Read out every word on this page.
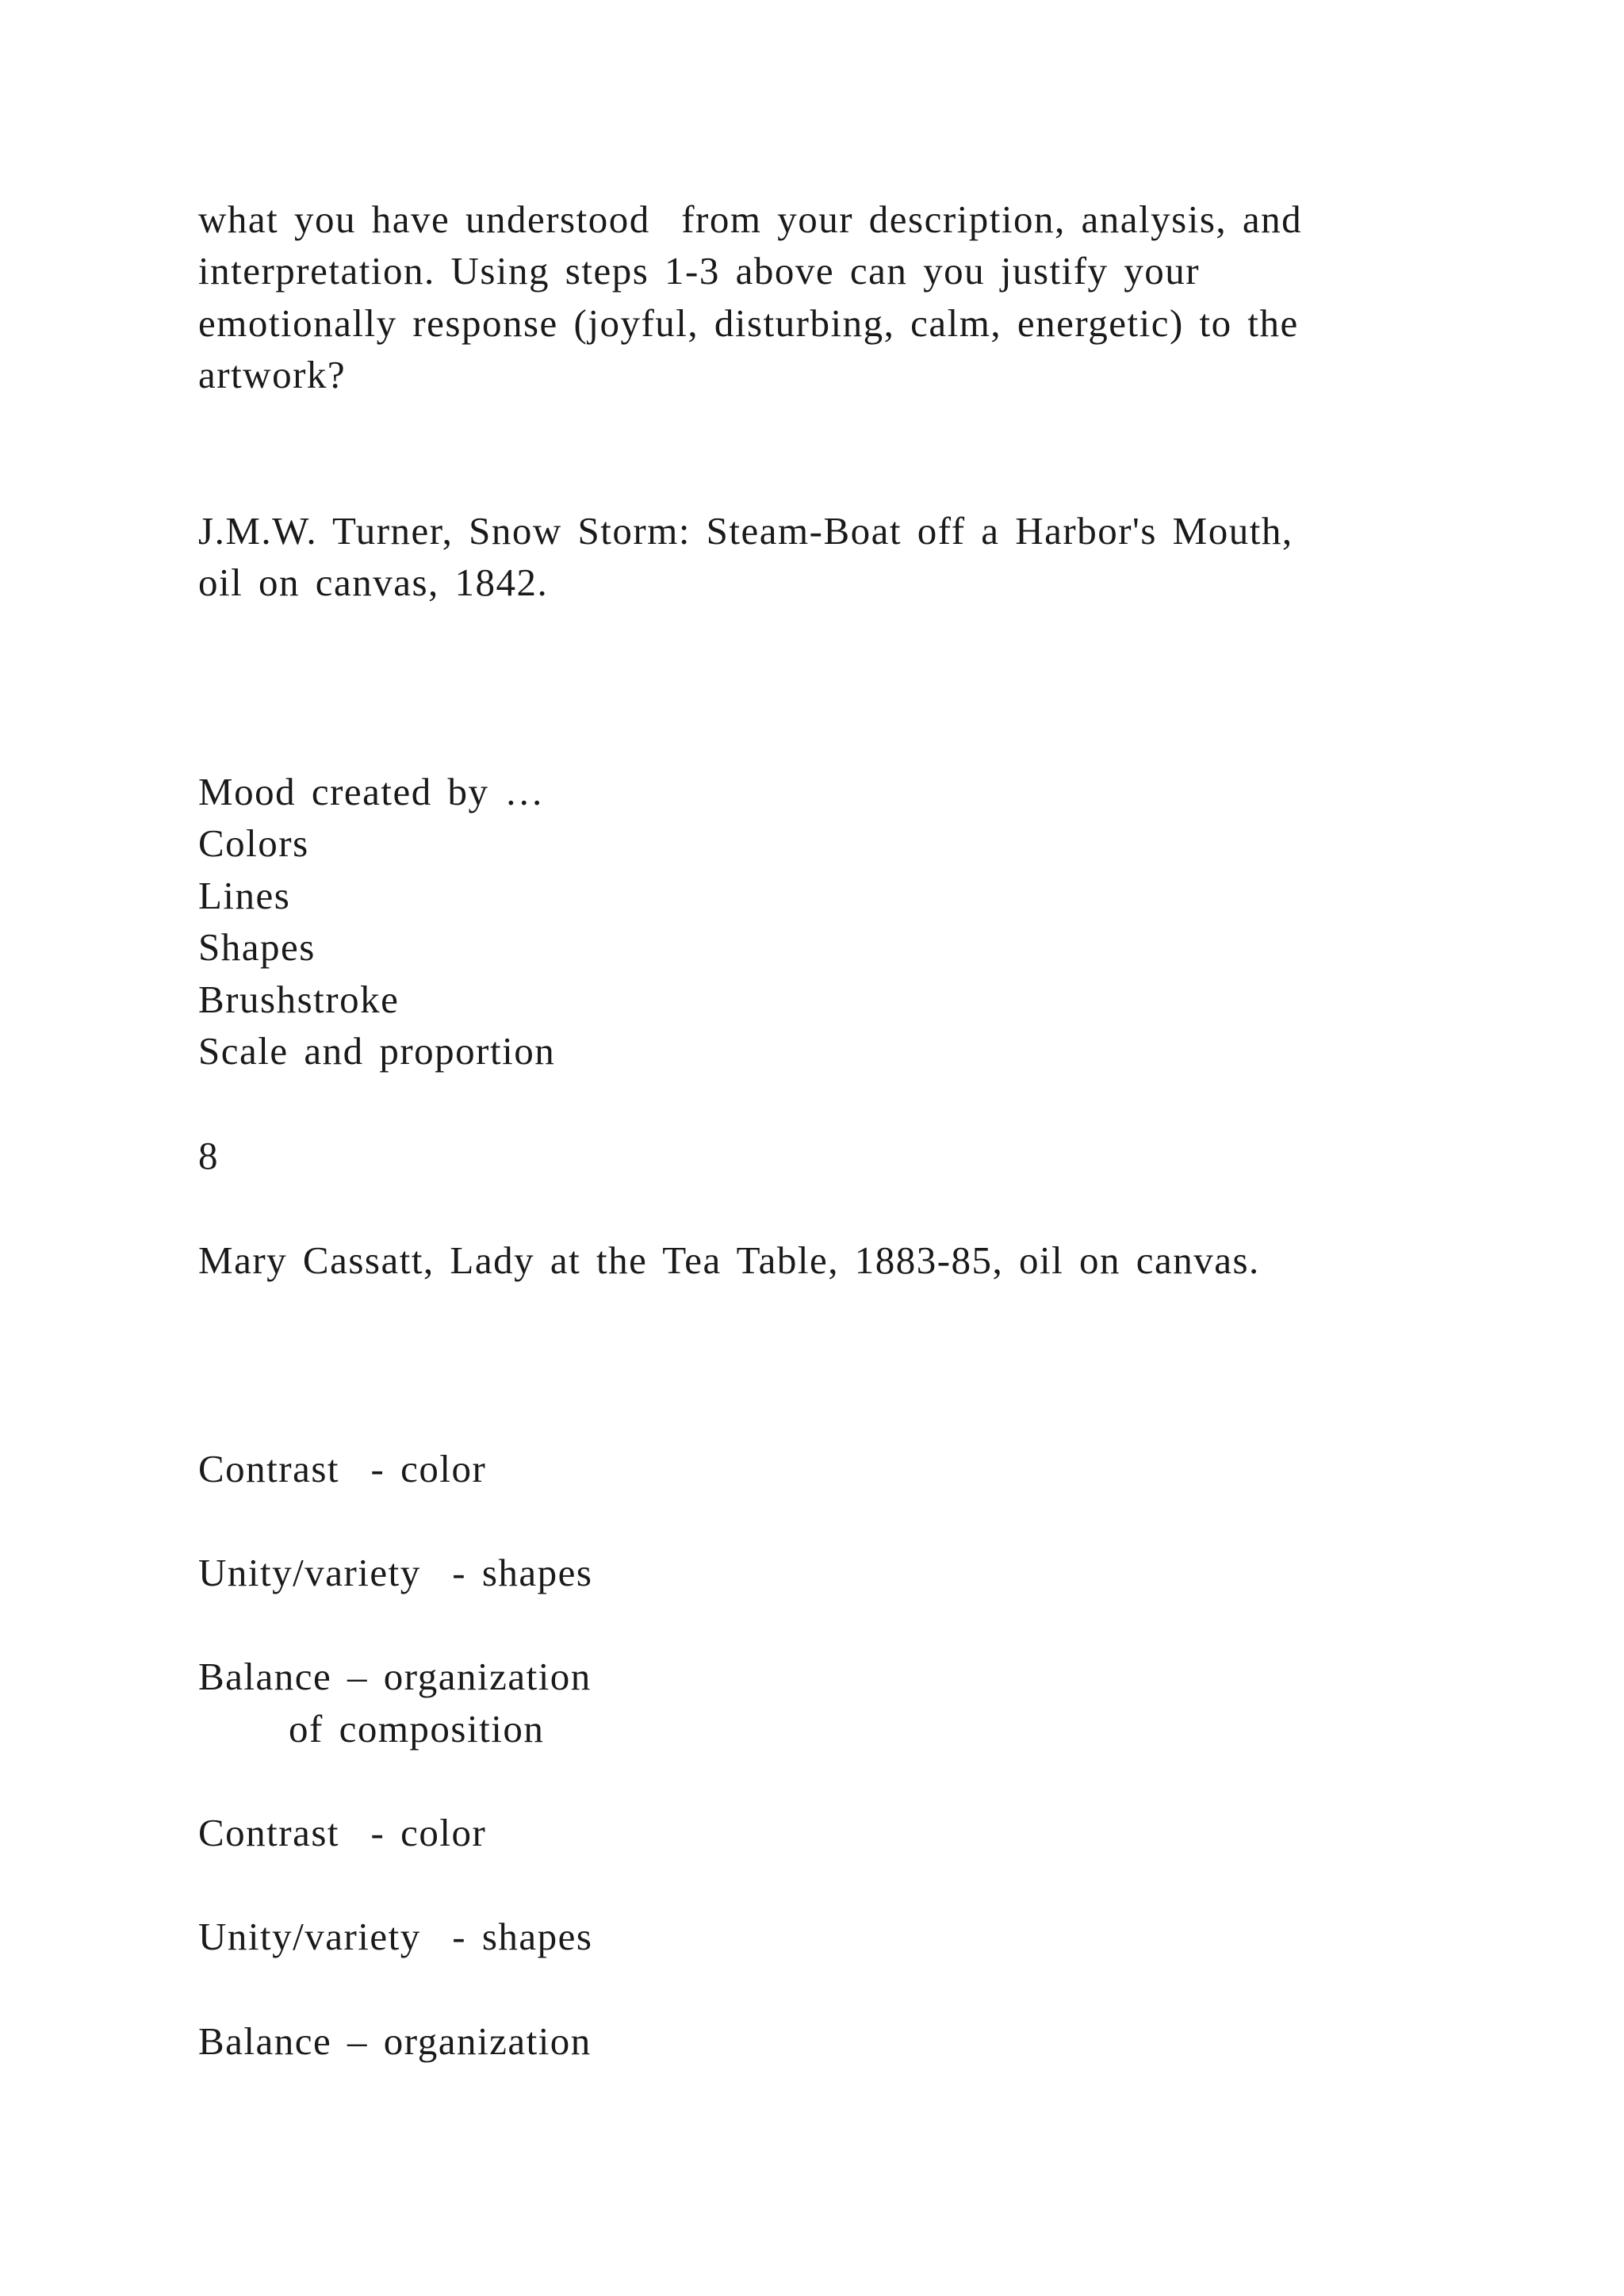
what you have understood  from your description, analysis, and
interpretation. Using steps 1-3 above can you justify your
emotionally response (joyful, disturbing, calm, energetic) to the
artwork?
J.M.W. Turner, Snow Storm: Steam-Boat off a Harbor's Mouth,
oil on canvas, 1842.
Mood created by …
Colors
Lines
Shapes
Brushstroke
Scale and proportion
8
Mary Cassatt, Lady at the Tea Table, 1883-85, oil on canvas.
Contrast  - color
Unity/variety  - shapes
Balance – organization
of composition
Contrast  - color
Unity/variety  - shapes
Balance – organization
